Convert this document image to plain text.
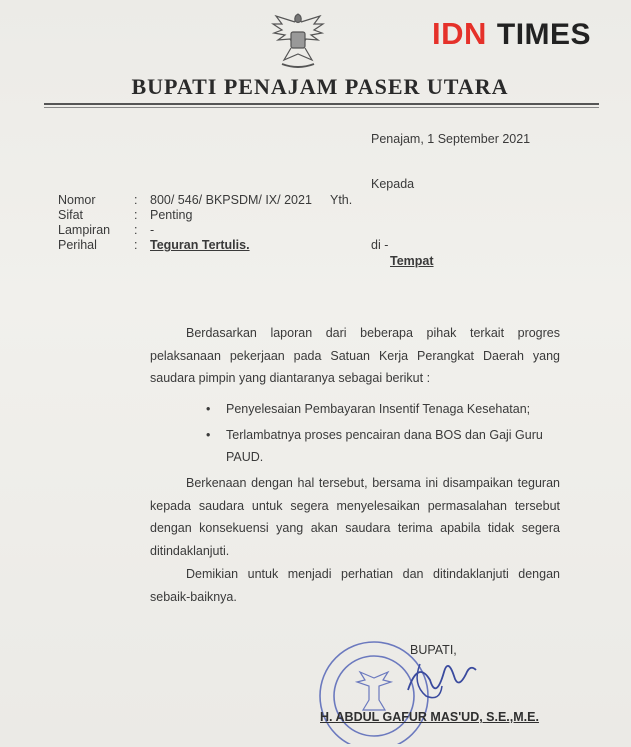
IDN TIMES
BUPATI PENAJAM PASER UTARA
Penajam, 1 September 2021
Kepada
Yth.
Nomor	: 800/ 546/ BKPSDM/ IX/ 2021
Sifat	: Penting
Lampiran : -
Perihal	: Teguran Tertulis.	di -
Tempat
Berdasarkan laporan dari beberapa pihak terkait progres pelaksanaan pekerjaan pada Satuan Kerja Perangkat Daerah yang saudara pimpin yang diantaranya sebagai berikut :
• Penyelesaian Pembayaran Insentif Tenaga Kesehatan;
• Terlambatnya proses pencairan dana BOS dan Gaji Guru PAUD.
Berkenaan dengan hal tersebut, bersama ini disampaikan teguran kepada saudara untuk segera menyelesaikan permasalahan tersebut dengan konsekuensi yang akan saudara terima apabila tidak segera ditindaklanjuti.
Demikian untuk menjadi perhatian dan ditindaklanjuti dengan sebaik-baiknya.
BUPATI,
H. ABDUL GAFUR MAS'UD, S.E.,M.E.
